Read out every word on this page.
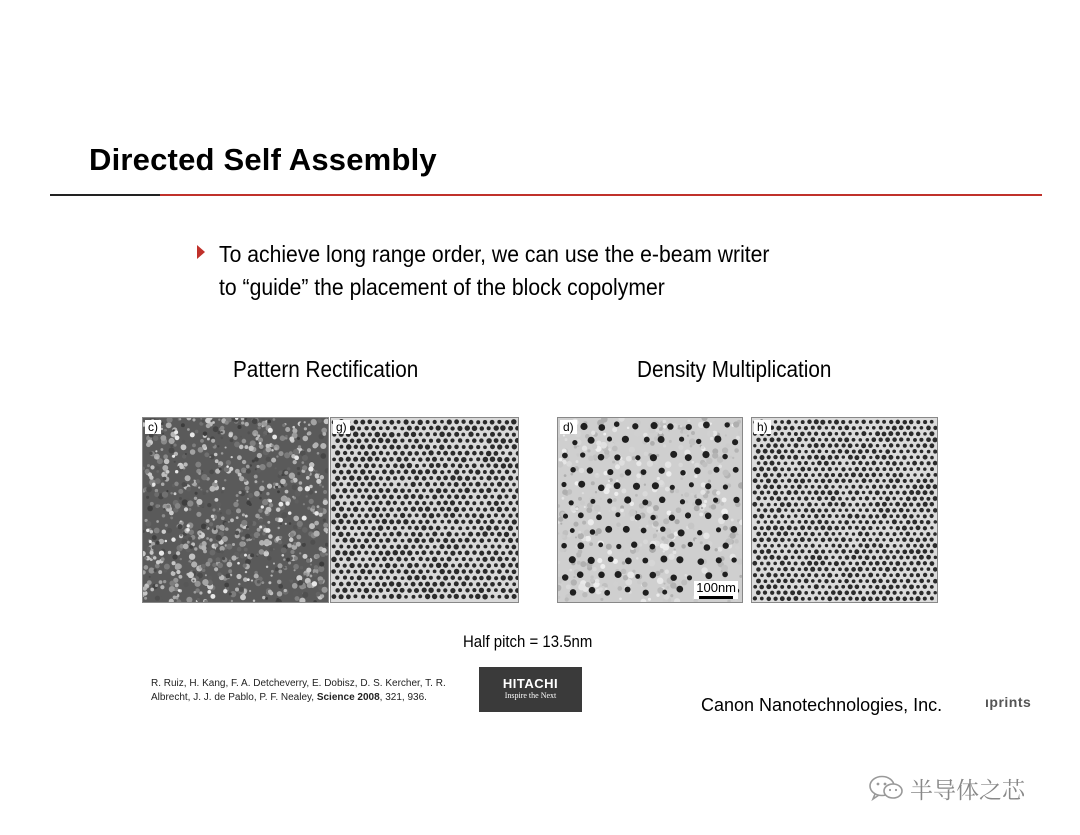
Directed Self Assembly
To achieve long range order, we can use the e-beam writer
to “guide” the placement of the block copolymer
Pattern Rectification	Density Multiplication
c)	g)	d)
100nm
h)
Half pitch = 13.5nm
R. Ruiz, H. Kang, F. A. Detcheverry, E. Dobisz, D. S. Kercher, T. R.
Albrecht, J. J. de Pablo, P. F. Nealey, Science 2008, 321, 936.
HITACHI
Inspire the Next	Canon Nanotechnologies, Inc.	ıprints
半导体之芯
